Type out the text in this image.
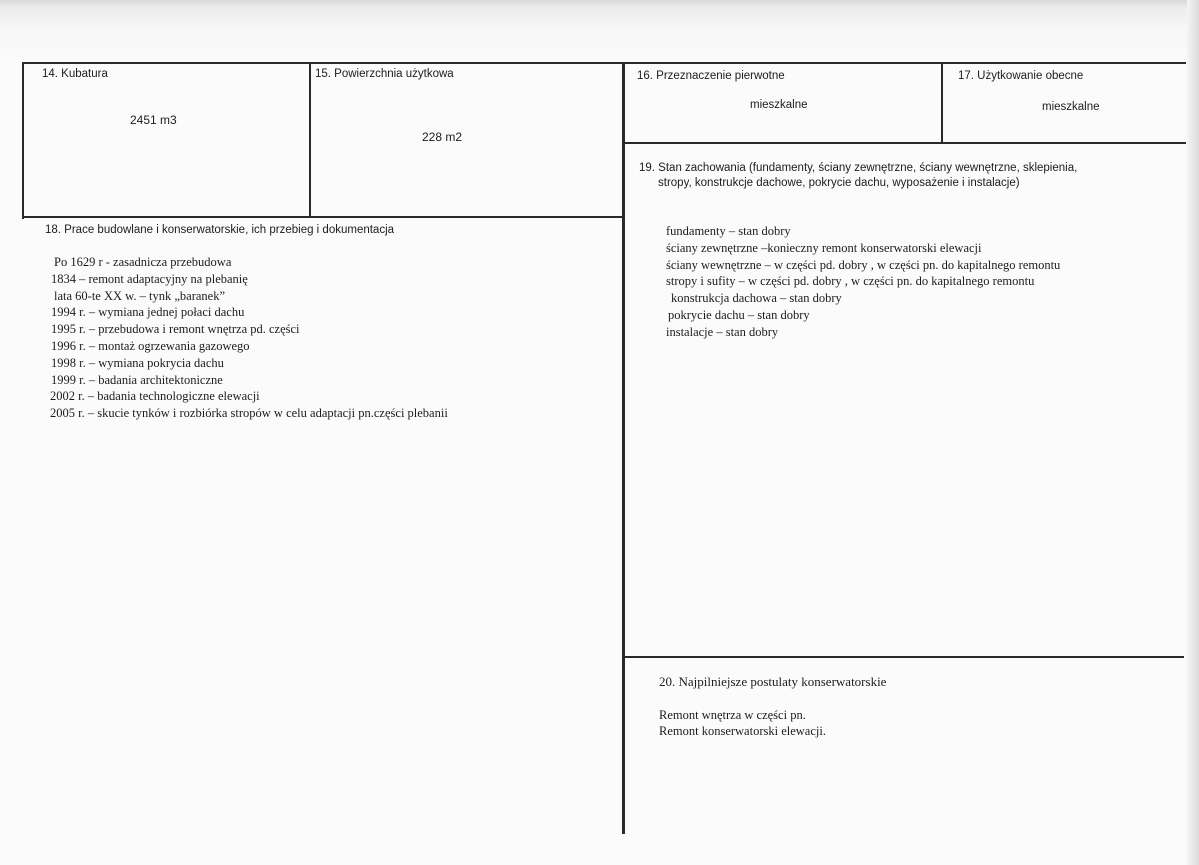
14. Kubatura
2451 m3
15. Powierzchnia użytkowa
228 m2
16. Przeznaczenie pierwotne
mieszkalne
17. Użytkowanie obecne
mieszkalne
18. Prace budowlane i konserwatorskie, ich przebieg i dokumentacja
Po 1629 r - zasadnicza przebudowa
1834 – remont adaptacyjny na plebanię
lata 60-te XX w. – tynk „baranek”
1994 r. – wymiana jednej połaci dachu
1995 r. – przebudowa i remont wnętrza pd. części
1996 r. – montaż ogrzewania gazowego
1998 r. – wymiana pokrycia dachu
1999 r. – badania architektoniczne
2002 r. – badania technologiczne elewacji
2005 r. – skucie tynków i rozbiórka stropów w celu adaptacji pn.części plebanii
19. Stan zachowania (fundamenty, ściany zewnętrzne, ściany wewnętrzne, sklepienia,
stropy, konstrukcje dachowe, pokrycie dachu, wyposażenie i instalacje)
fundamenty – stan dobry
ściany zewnętrzne –konieczny remont konserwatorski elewacji
ściany wewnętrzne – w części pd. dobry , w części pn. do kapitalnego remontu
stropy i sufity – w części pd. dobry , w części pn. do kapitalnego remontu
konstrukcja dachowa – stan dobry
pokrycie dachu – stan dobry
instalacje – stan dobry
20. Najpilniejsze postulaty konserwatorskie
Remont wnętrza w części pn.
Remont konserwatorski elewacji.
